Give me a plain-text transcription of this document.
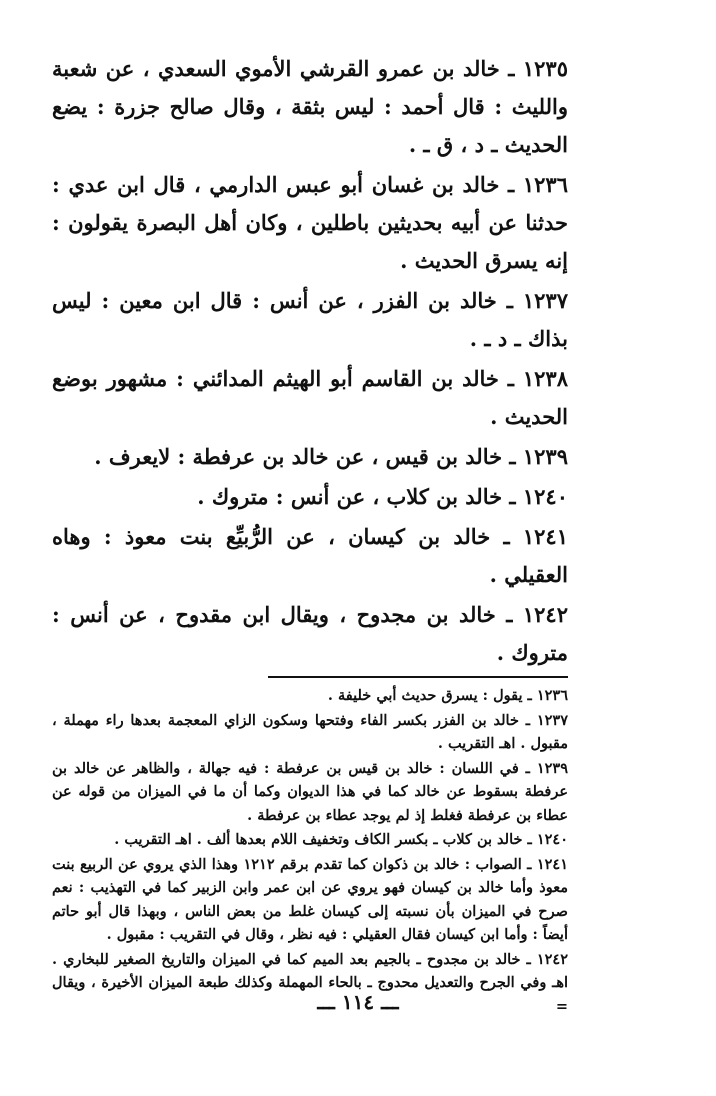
١٢٣٥ ـ خالد بن عمرو القرشي الأموي السعدي ، عن شعبة والليث : قال أحمد : ليس بثقة ، وقال صالح جزرة : يضع الحديث ـ د ، ق ـ .

١٢٣٦ ـ خالد بن غسان أبو عبس الدارمي ، قال ابن عدي : حدثنا عن أبيه بحديثين باطلين ، وكان أهل البصرة يقولون : إنه يسرق الحديث .

١٢٣٧ ـ خالد بن الفزر ، عن أنس : قال ابن معين : ليس بذاك ـ د ـ .

١٢٣٨ ـ خالد بن القاسم أبو الهيثم المدائني : مشهور بوضع الحديث .

١٢٣٩ ـ خالد بن قيس ، عن خالد بن عرفطة : لايعرف .

١٢٤٠ ـ خالد بن كلاب ، عن أنس : متروك .

١٢٤١ ـ خالد بن كيسان ، عن الرُّبيِّع بنت معوذ : وهاه العقيلي .

١٢٤٢ ـ خالد بن مجدوح ، ويقال ابن مقدوح ، عن أنس : متروك .

١٢٣٦ ـ يقول : يسرق حديث أبي خليفة .

١٢٣٧ ـ خالد بن الفزر بكسر الفاء وفتحها وسكون الزاي المعجمة بعدها راء مهملة ، مقبول . اهـ التقريب .

١٢٣٩ ـ في اللسان : خالد بن قيس بن عرفطة : فيه جهالة ، والظاهر عن خالد بن عرفطة بسقوط عن خالد كما في هذا الديوان وكما أن ما في الميزان من قوله عن عطاء بن عرفطة فغلط إذ لم يوجد عطاء بن عرفطة .

١٢٤٠ ـ خالد بن كلاب ـ بكسر الكاف وتخفيف اللام بعدها ألف . اهـ التقريب .

١٢٤١ ـ الصواب : خالد بن ذكوان كما تقدم برقم ١٢١٢ وهذا الذي يروي عن الربيع بنت معوذ وأما خالد بن كيسان فهو يروي عن ابن عمر وابن الزبير كما في التهذيب : نعم صرح في الميزان بأن نسبته إلى كيسان غلط من بعض الناس ، وبهذا قال أبو حاتم أيضاً : وأما ابن كيسان فقال العقيلي : فيه نظر ، وقال في التقريب : مقبول .

١٢٤٢ ـ خالد بن مجدوح ـ بالجيم بعد الميم كما في الميزان والتاريخ الصغير للبخاري . اهـ وفي الجرح والتعديل محدوج ـ بالحاء المهملة وكذلك طبعة الميزان الأخيرة ، ويقال =

ـــ ١١٤ ـــ
